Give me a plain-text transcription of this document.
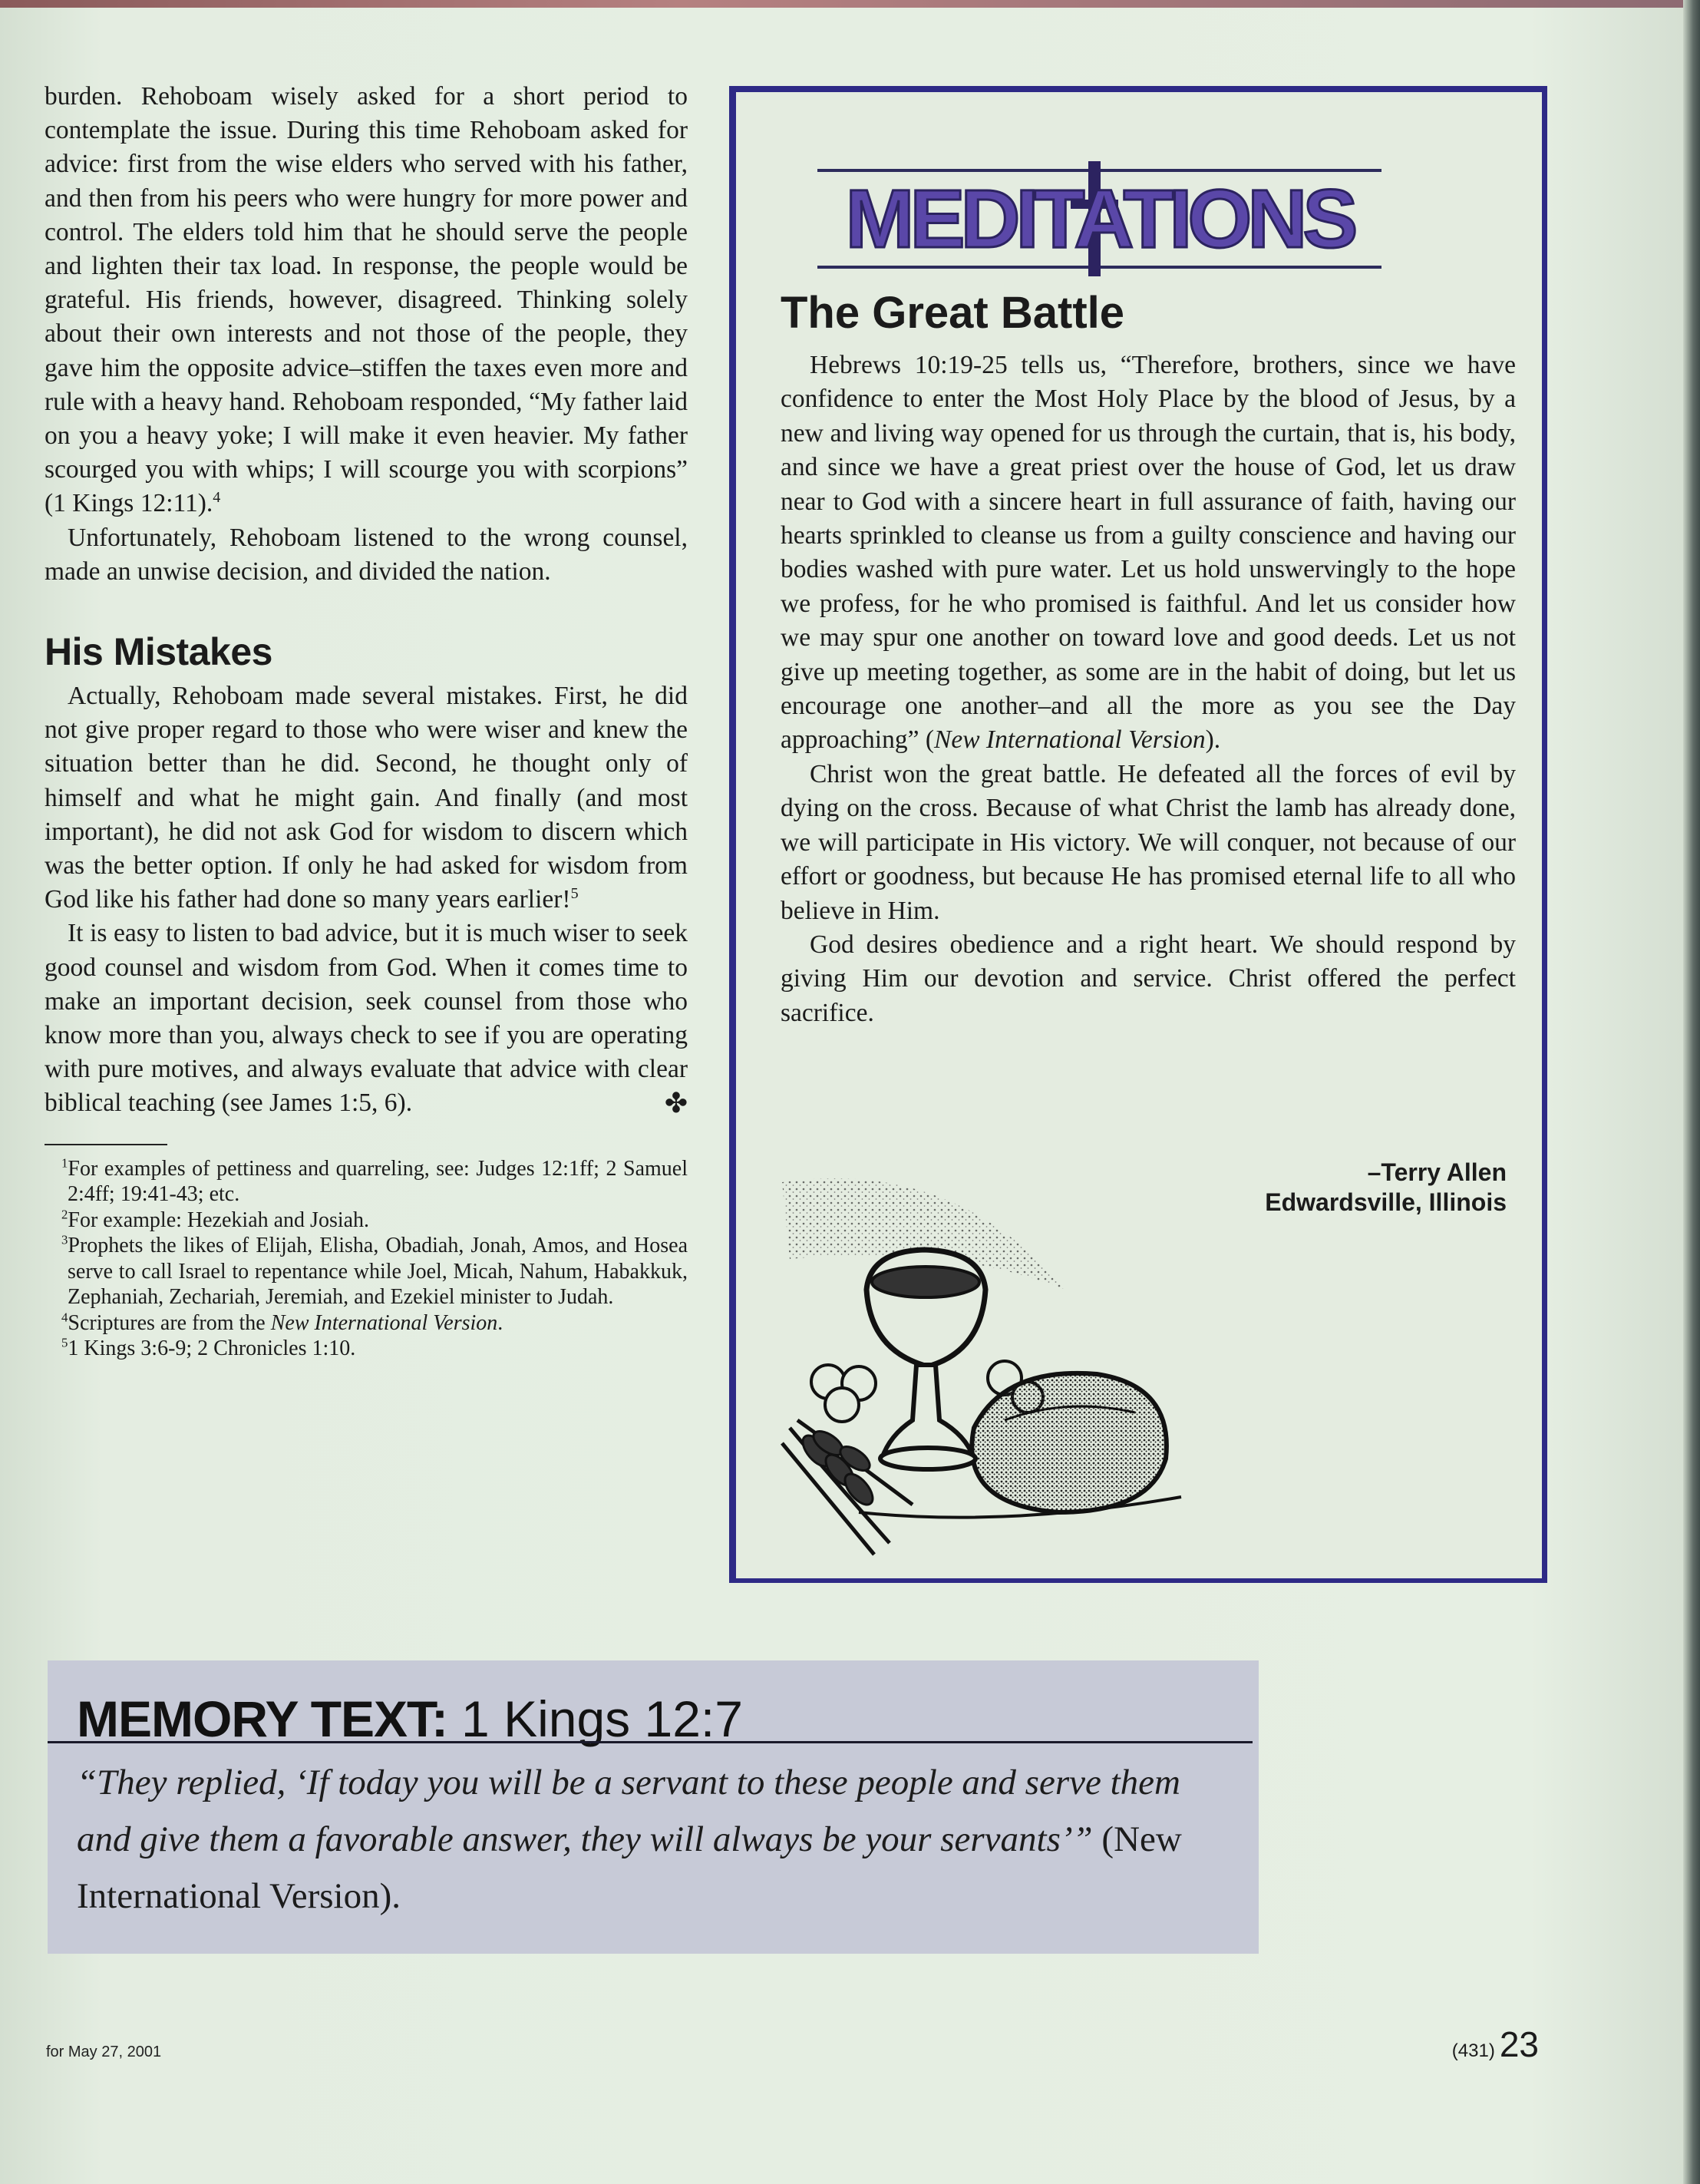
burden. Rehoboam wisely asked for a short period to contemplate the issue. During this time Rehoboam asked for advice: first from the wise elders who served with his father, and then from his peers who were hungry for more power and control. The elders told him that he should serve the people and lighten their tax load. In response, the people would be grateful. His friends, however, disagreed. Thinking solely about their own interests and not those of the people, they gave him the opposite advice–stiffen the taxes even more and rule with a heavy hand. Rehoboam responded, “My father laid on you a heavy yoke; I will make it even heavier. My father scourged you with whips; I will scourge you with scorpions” (1 Kings 12:11).$^4$

Unfortunately, Rehoboam listened to the wrong counsel, made an unwise decision, and divided the nation.

His Mistakes

Actually, Rehoboam made several mistakes. First, he did not give proper regard to those who were wiser and knew the situation better than he did. Second, he thought only of himself and what he might gain. And finally (and most important), he did not ask God for wisdom to discern which was the better option. If only he had asked for wisdom from God like his father had done so many years earlier!$^5$

It is easy to listen to bad advice, but it is much wiser to seek good counsel and wisdom from God. When it comes time to make an important decision, seek counsel from those who know more than you, always check to see if you are operating with pure motives, and always evaluate that advice with clear biblical teaching (see James 1:5, 6).	✤

$^1$For examples of pettiness and quarreling, see: Judges 12:1ff; 2 Samuel 2:4ff; 19:41-43; etc.
$^2$For example: Hezekiah and Josiah.
$^3$Prophets the likes of Elijah, Elisha, Obadiah, Jonah, Amos, and Hosea serve to call Israel to repentance while Joel, Micah, Nahum, Habakkuk, Zephaniah, Zechariah, Jeremiah, and Ezekiel minister to Judah.
$^4$Scriptures are from the New International Version.
$^5$1 Kings 3:6-9; 2 Chronicles 1:10.
MEDITATIONS
The Great Battle

Hebrews 10:19-25 tells us, “Therefore, brothers, since we have confidence to enter the Most Holy Place by the blood of Jesus, by a new and living way opened for us through the curtain, that is, his body, and since we have a great priest over the house of God, let us draw near to God with a sincere heart in full assurance of faith, having our hearts sprinkled to cleanse us from a guilty conscience and having our bodies washed with pure water. Let us hold unswervingly to the hope we profess, for he who promised is faithful. And let us consider how we may spur one another on toward love and good deeds. Let us not give up meeting together, as some are in the habit of doing, but let us encourage one another–and all the more as you see the Day approaching” (New International Version).

Christ won the great battle. He defeated all the forces of evil by dying on the cross. Because of what Christ the lamb has already done, we will participate in His victory. We will conquer, not because of our effort or goodness, but because He has promised eternal life to all who believe in Him.

God desires obedience and a right heart. We should respond by giving Him our devotion and service. Christ offered the perfect sacrifice.

–Terry Allen
Edwardsville, Illinois
MEMORY TEXT: 1 Kings 12:7
“They replied, ‘If today you will be a servant to these people and serve them and give them a favorable answer, they will always be your servants’” (New International Version).
for May 27, 2001	(431) 23
